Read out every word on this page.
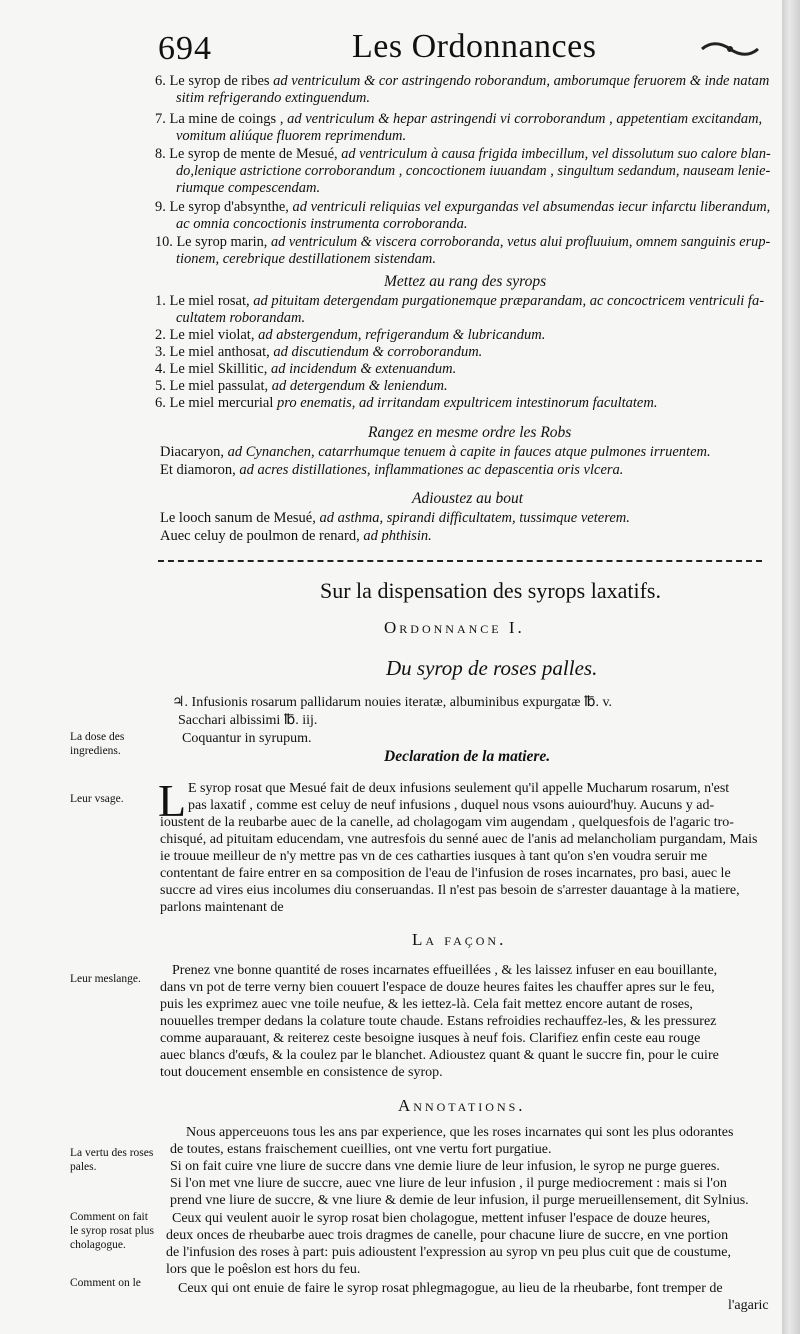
694	Les Ordonnances
6. Le syrop de ribes ad ventriculum & cor astringendo roborandum, amborumque feruorem & inde natam
sitim refrigerando extinguendum.
7. La mine de coings , ad ventriculum & hepar astringendi vi corroborandum , appetentiam excitandam,
vomitum aliúque fluorem reprimendum.
8. Le syrop de mente de Mesué, ad ventriculum à causa frigida imbecillum, vel dissolutum suo calore blan-
do,lenique astrictione corroborandum , concoctionem iuuandam , singultum sedandum, nauseam lenie-
riumque compescendam.
9. Le syrop d'absynthe, ad ventriculi reliquias vel expurgandas vel absumendas iecur infarctu liberandum,
ac omnia concoctionis instrumenta corroboranda.
10. Le syrop marin, ad ventriculum & viscera corroboranda, vetus alui profluuium, omnem sanguinis erup-
tionem, cerebrique destillationem sistendam.
Mettez au rang des syrops
1. Le miel rosat, ad pituitam detergendam purgationemque præparandam, ac concoctricem ventriculi fa-
cultatem roborandam.
2. Le miel violat, ad abstergendum, refrigerandum & lubricandum.
3. Le miel anthosat, ad discutiendum & corroborandum.
4. Le miel Skillitic, ad incidendum & extenuandum.
5. Le miel passulat, ad detergendum & leniendum.
6. Le miel mercurial pro enematis, ad irritandam expultricem intestinorum facultatem.
Rangez en mesme ordre les Robs
Diacaryon, ad Cynanchen, catarrhumque tenuem à capite in fauces atque pulmones irruentem.
Et diamoron, ad acres distillationes, inflammationes ac depascentia oris vlcera.
Adioustez au bout
Le looch sanum de Mesué, ad asthma, spirandi difficultatem, tussimque veterem.
Auec celuy de poulmon de renard, ad phthisin.
Sur la dispensation des syrops laxatifs.
Ordonnance I.
Du syrop de roses palles.
La dose des ingrediens.
♃. Infusionis rosarum pallidarum nouies iteratæ, albuminibus expurgatæ ℔. v.
Sacchari albissimi ℔. iij.
Coquantur in syrupum.
Declaration de la matiere.
Leur vsage. L E syrop rosat que Mesué fait de deux infusions seulement qu'il appelle Mucharum rosarum, n'est
pas laxatif , comme est celuy de neuf infusions , duquel nous vsons auiourd'huy. Aucuns y ad-
ioustent de la reubarbe auec de la canelle, ad cholagogam vim augendam , quelquesfois de l'agaric tro-
chisqué, ad pituitam educendam, vne autresfois du senné auec de l'anis ad melancholiam purgandam, Mais
ie trouue meilleur de n'y mettre pas vn de ces catharties iusques à tant qu'on s'en voudra seruir me
contentant de faire entrer en sa composition de l'eau de l'infusion de roses incarnates, pro basi, auec le
succre ad vires eius incolumes diu conseruandas. Il n'est pas besoin de s'arrester dauantage à la matiere,
parlons maintenant de
La façon.
Leur meslange.
Prenez vne bonne quantité de roses incarnates effueillées , & les laissez infuser en eau bouillante,
dans vn pot de terre verny bien couuert l'espace de douze heures faites les chauffer apres sur le feu,
puis les exprimez auec vne toile neufue, & les iettez-là. Cela fait mettez encore autant de roses,
nouuelles tremper dedans la colature toute chaude. Estans refroidies rechauffez-les, & les pressurez
comme auparauant, & reiterez ceste besoigne iusques à neuf fois. Clarifiez enfin ceste eau rouge
auec blancs d'œufs, & la coulez par le blanchet. Adioustez quant & quant le succre fin, pour le cuire
tout doucement ensemble en consistence de syrop.
Annotations.
La vertu des roses pales.
Comment on fait le syrop rosat plus cholagogue.
Comment on le
Nous apperceuons tous les ans par experience, que les roses incarnates qui sont les plus odorantes
de toutes, estans fraischement cueillies, ont vne vertu fort purgatiue.
Si on fait cuire vne liure de succre dans vne demie liure de leur infusion, le syrop ne purge gueres.
Si l'on met vne liure de succre, auec vne liure de leur infusion , il purge mediocrement : mais si l'on
prend vne liure de succre, & vne liure & demie de leur infusion, il purge merueillensement, dit Sylnius.
Ceux qui veulent auoir le syrop rosat bien cholagogue, mettent infuser l'espace de douze heures,
deux onces de rheubarbe auec trois dragmes de canelle, pour chacune liure de succre, en vne portion
de l'infusion des roses à part: puis adioustent l'expression au syrop vn peu plus cuit que de coustume,
lors que le poêslon est hors du feu.
Ceux qui ont enuie de faire le syrop rosat phlegmagogue, au lieu de la rheubarbe, font tremper de
l'agaric
